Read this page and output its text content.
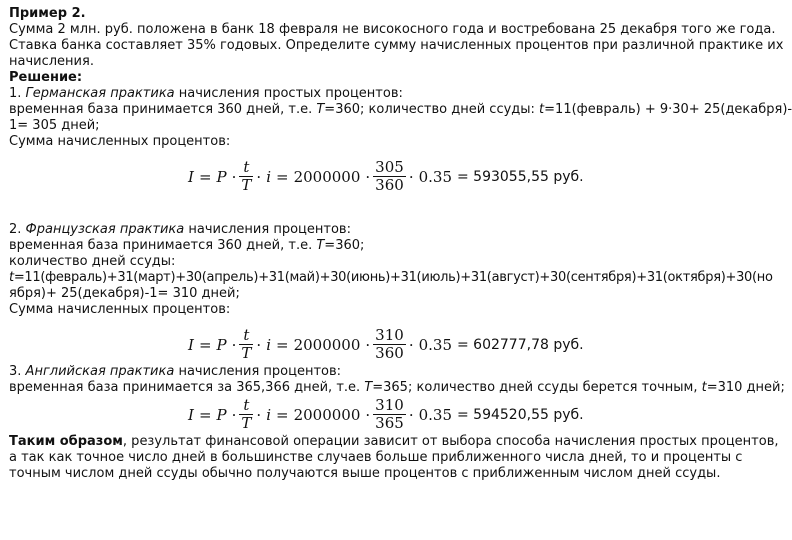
Пример 2.
Сумма 2 млн. руб. положена в банк 18 февраля не високосного года и востребована 25 декабря того же года.
Ставка банка составляет 35% годовых. Определите сумму начисленных процентов при различной практике их
начисления.
Решение:
1. Германская практика начисления простых процентов:
временная база принимается 360 дней, т.е. T=360; количество дней ссуды: t=11(февраль) + 9·30+ 25(декабря)-
1= 305 дней;
Сумма начисленных процентов:
$I = P \cdot \frac{t}{T} \cdot i = 2000000 \cdot \frac{305}{360} \cdot 0.35 = 593055,55$ руб.
2. Французская практика начисления процентов:
временная база принимается 360 дней, т.е. T=360;
количество дней ссуды:
t=11(февраль)+31(март)+30(апрель)+31(май)+30(июнь)+31(июль)+31(август)+30(сентября)+31(октября)+30(но
ября)+ 25(декабря)-1= 310 дней;
Сумма начисленных процентов:
$I = P \cdot \frac{t}{T} \cdot i = 2000000 \cdot \frac{310}{360} \cdot 0.35 = 602777,78$ руб.
3. Английская практика начисления процентов:
временная база принимается за 365,366 дней, т.е. T=365; количество дней ссуды берется точным, t=310 дней;
$I = P \cdot \frac{t}{T} \cdot i = 2000000 \cdot \frac{310}{365} \cdot 0.35 = 594520,55$ руб.
Таким образом, результат финансовой операции зависит от выбора способа начисления простых процентов,
а так как точное число дней в большинстве случаев больше приближенного числа дней, то и проценты с
точным числом дней ссуды обычно получаются выше процентов с приближенным числом дней ссуды.
